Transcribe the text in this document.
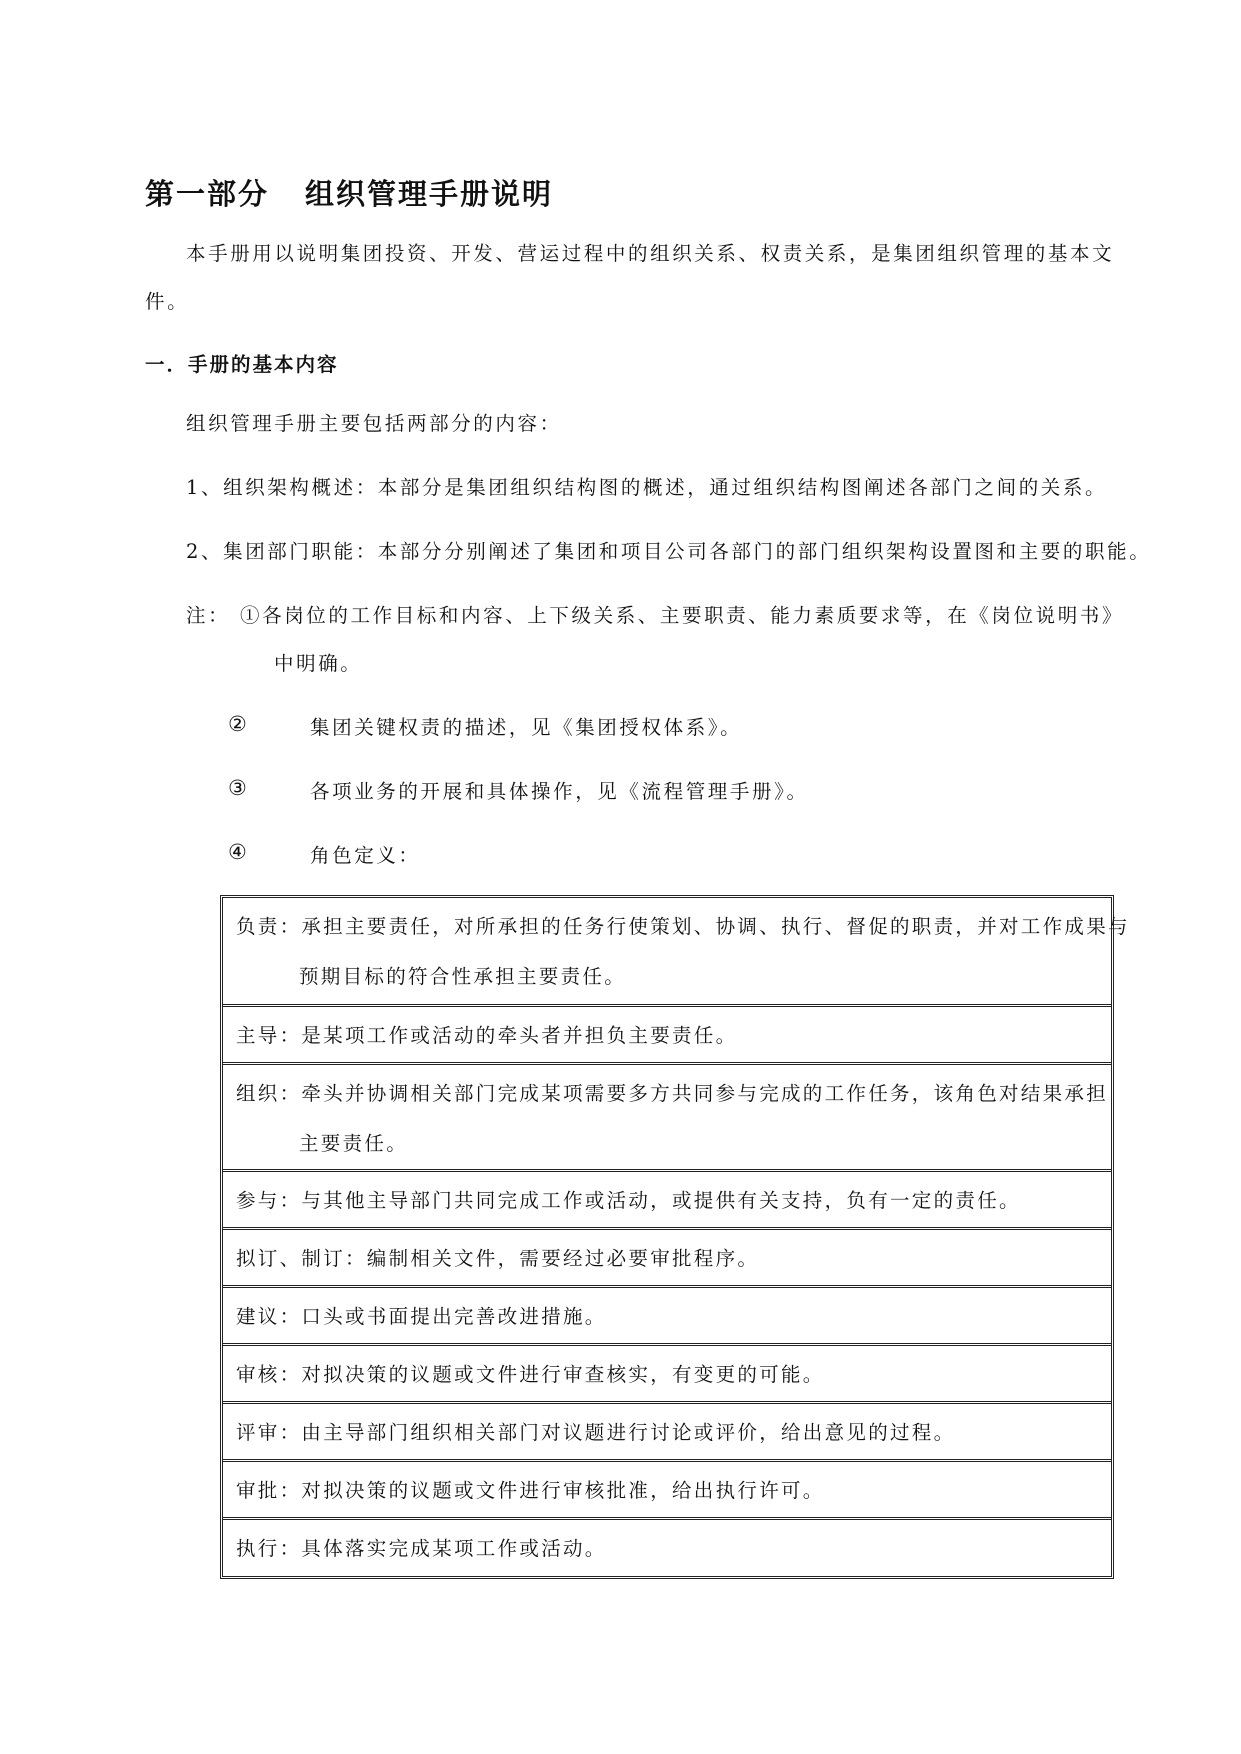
第一部分 组织管理手册说明
本手册用以说明集团投资、开发、营运过程中的组织关系、权责关系，是集团组织管理的基本文
件。
一．手册的基本内容
组织管理手册主要包括两部分的内容：
1、组织架构概述：本部分是集团组织结构图的概述，通过组织结构图阐述各部门之间的关系。
2、集团部门职能：本部分分别阐述了集团和项目公司各部门的部门组织架构设置图和主要的职能。
注： ①各岗位的工作目标和内容、上下级关系、主要职责、能力素质要求等，在《岗位说明书》
中明确。
②	集团关键权责的描述，见《集团授权体系》。
③	各项业务的开展和具体操作，见《流程管理手册》。
④	角色定义：
负责：承担主要责任，对所承担的任务行使策划、协调、执行、督促的职责，并对工作成果与
预期目标的符合性承担主要责任。
主导：是某项工作或活动的牵头者并担负主要责任。
组织：牵头并协调相关部门完成某项需要多方共同参与完成的工作任务，该角色对结果承担
主要责任。
参与：与其他主导部门共同完成工作或活动，或提供有关支持，负有一定的责任。
拟订、制订：编制相关文件，需要经过必要审批程序。
建议：口头或书面提出完善改进措施。
审核：对拟决策的议题或文件进行审查核实，有变更的可能。
评审：由主导部门组织相关部门对议题进行讨论或评价，给出意见的过程。
审批：对拟决策的议题或文件进行审核批准，给出执行许可。
执行：具体落实完成某项工作或活动。
